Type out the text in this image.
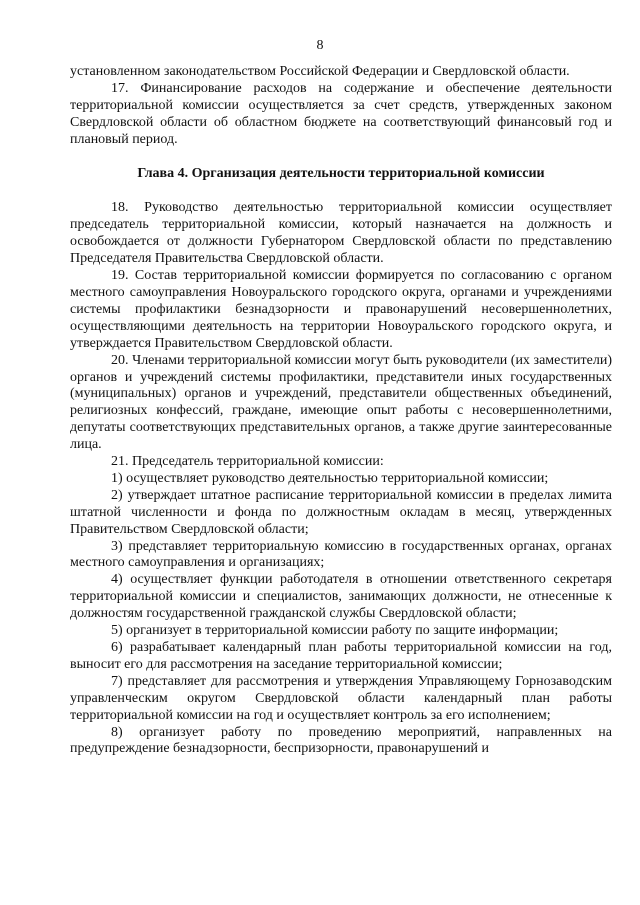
8

установленном законодательством Российской Федерации и Свердловской области.

17. Финансирование расходов на содержание и обеспечение деятельности территориальной комиссии осуществляется за счет средств, утвержденных законом Свердловской области об областном бюджете на соответствующий финансовый год и плановый период.

Глава 4. Организация деятельности территориальной комиссии

18. Руководство деятельностью территориальной комиссии осуществляет председатель территориальной комиссии, который назначается на должность и освобождается от должности Губернатором Свердловской области по представлению Председателя Правительства Свердловской области.

19. Состав территориальной комиссии формируется по согласованию с органом местного самоуправления Новоуральского городского округа, органами и учреждениями системы профилактики безнадзорности и правонарушений несовершеннолетних, осуществляющими деятельность на территории Новоуральского городского округа, и утверждается Правительством Свердловской области.

20. Членами территориальной комиссии могут быть руководители (их заместители) органов и учреждений системы профилактики, представители иных государственных (муниципальных) органов и учреждений, представители общественных объединений, религиозных конфессий, граждане, имеющие опыт работы с несовершеннолетними, депутаты соответствующих представительных органов, а также другие заинтересованные лица.

21. Председатель территориальной комиссии:

1) осуществляет руководство деятельностью территориальной комиссии;

2) утверждает штатное расписание территориальной комиссии в пределах лимита штатной численности и фонда по должностным окладам в месяц, утвержденных Правительством Свердловской области;

3) представляет территориальную комиссию в государственных органах, органах местного самоуправления и организациях;

4) осуществляет функции работодателя в отношении ответственного секретаря территориальной комиссии и специалистов, занимающих должности, не отнесенные к должностям государственной гражданской службы Свердловской области;

5) организует в территориальной комиссии работу по защите информации;

6) разрабатывает календарный план работы территориальной комиссии на год, выносит его для рассмотрения на заседание территориальной комиссии;

7) представляет для рассмотрения и утверждения Управляющему Горнозаводским управленческим округом Свердловской области календарный план работы территориальной комиссии на год и осуществляет контроль за его исполнением;

8) организует работу по проведению мероприятий, направленных на предупреждение безнадзорности, беспризорности, правонарушений и
